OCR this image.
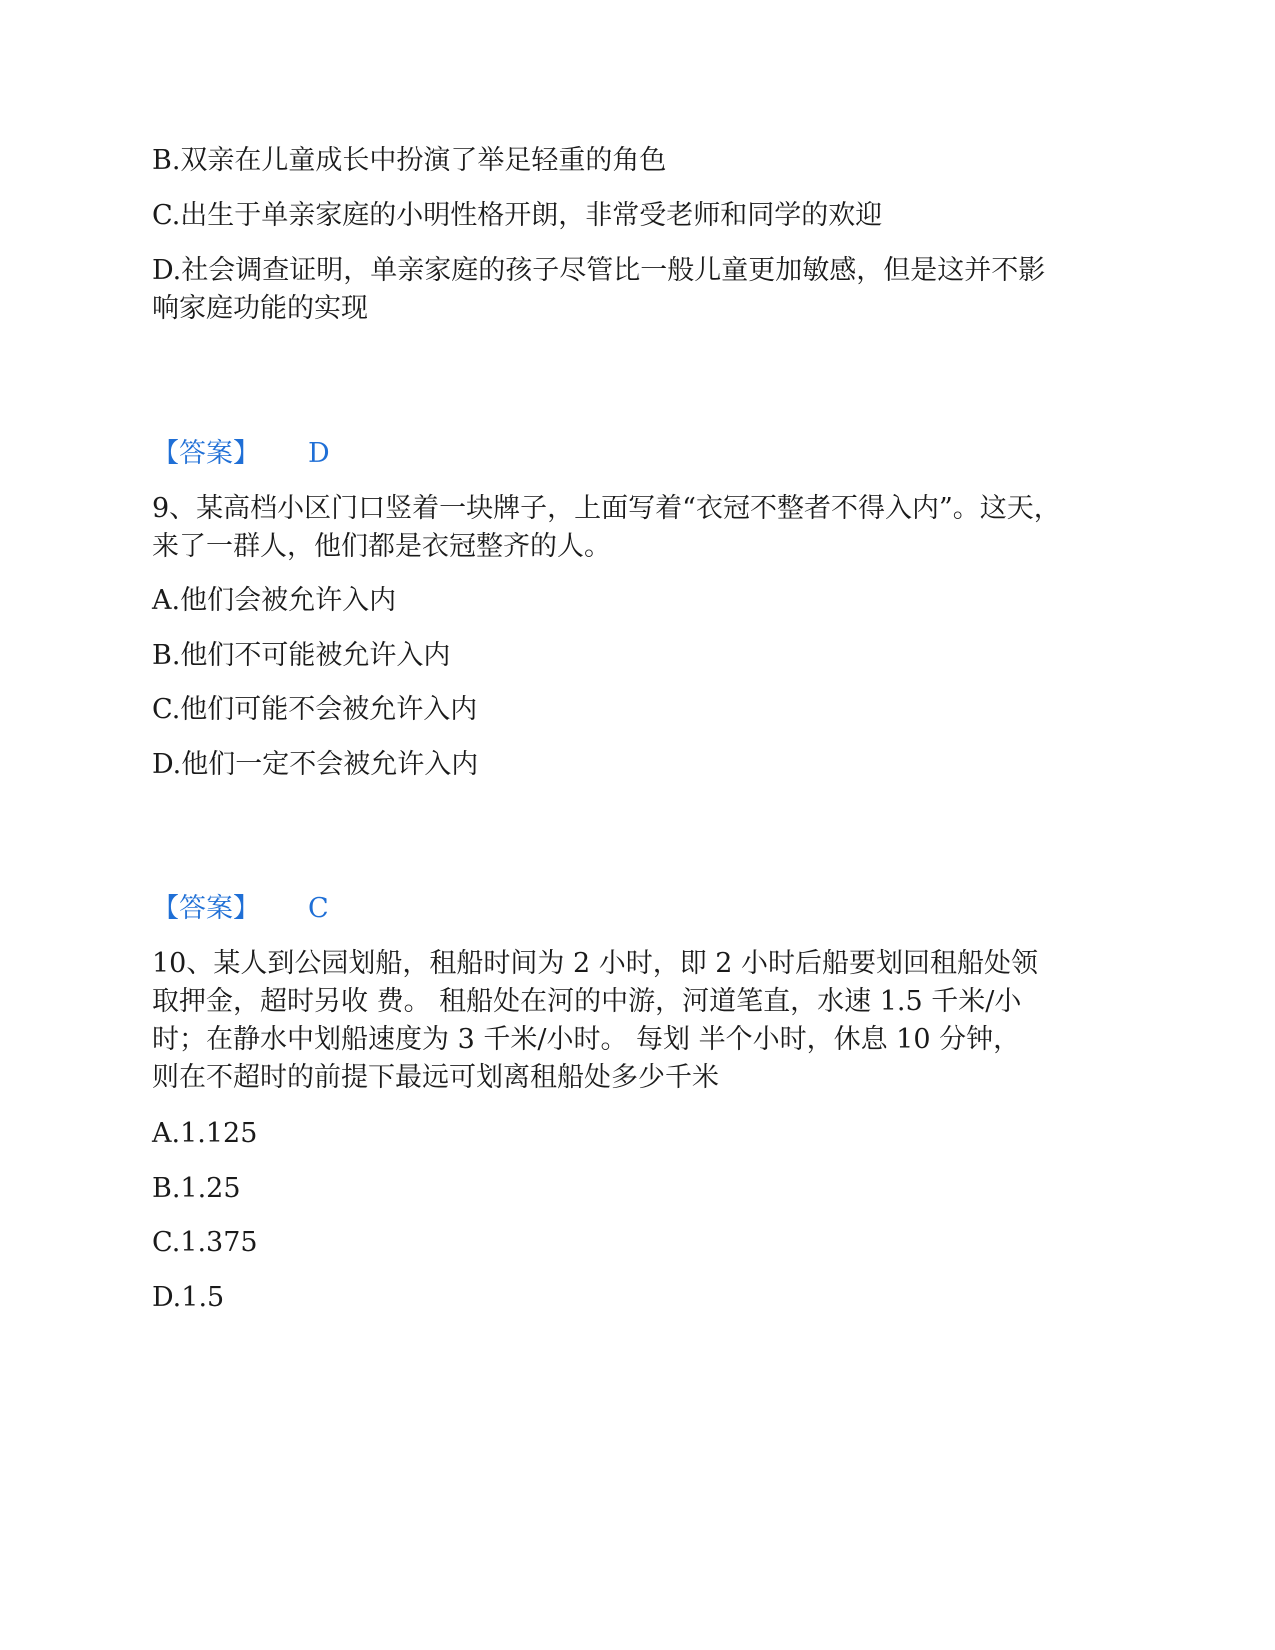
B.双亲在儿童成长中扮演了举足轻重的角色
C.出生于单亲家庭的小明性格开朗，非常受老师和同学的欢迎
D.社会调查证明，单亲家庭的孩子尽管比一般儿童更加敏感，但是这并不影
响家庭功能的实现
【答案】 D
9、某高档小区门口竖着一块牌子，上面写着“衣冠不整者不得入内”。这天，
来了一群人，他们都是衣冠整齐的人。
A.他们会被允许入内
B.他们不可能被允许入内
C.他们可能不会被允许入内
D.他们一定不会被允许入内
【答案】 C
10、某人到公园划船，租船时间为 2 小时，即 2 小时后船要划回租船处领
取押金，超时另收 费。 租船处在河的中游，河道笔直，水速 1.5 千米/小
时；在静水中划船速度为 3 千米/小时。 每划 半个小时，休息 10 分钟，
则在不超时的前提下最远可划离租船处多少千米
A.1.125
B.1.25
C.1.375
D.1.5
